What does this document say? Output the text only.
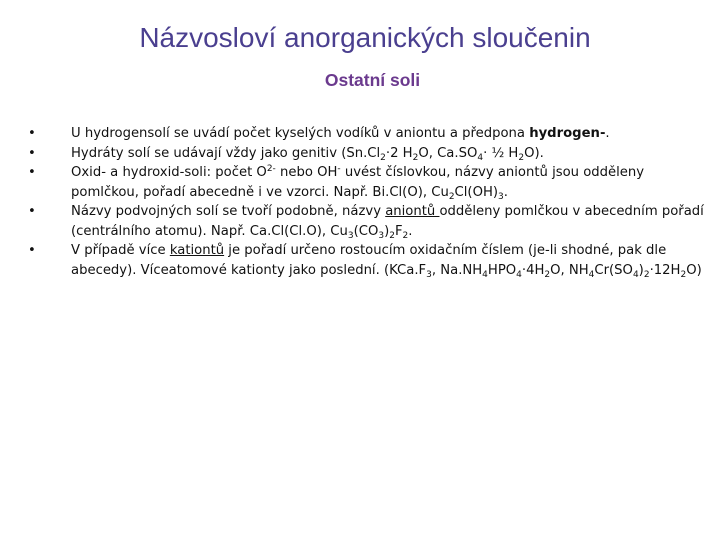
Názvosloví anorganických sloučenin
Ostatní soli
•	U hydrogensolí se uvádí počet kyselých vodíků v aniontu a předpona hydrogen-.
•	Hydráty solí se udávají vždy jako genitiv ($Sn.Cl_2\cdot 2$ $H_2O$, $Ca.SO_4\cdot$ ½ $H_2O$).
•	Oxid- a hydroxid-soli: počet $O^{2-}$ nebo OH- uvést číslovkou, názvy aniontů jsou odděleny pomlčkou, pořadí abecedně i ve vzorci. Např. Bi.Cl(O), $Cu_2Cl(OH)_3$.
•	Názvy podvojných solí se tvoří podobně, názvy aniontů odděleny pomlčkou v abecedním pořadí (centrálního atomu). Např. Ca.Cl(Cl.O), $Cu_3(CO_3)_2F_2$.
•	V případě více kationtů je pořadí určeno rostoucím oxidačním číslem (je-li shodné, pak dle abecedy). Víceatomové kationty jako poslední. ($KCa.F_3$, $Na.NH_4HPO_4\cdot 4H_2O$, $NH_4Cr(SO_4)_2\cdot 12H_2O$)
